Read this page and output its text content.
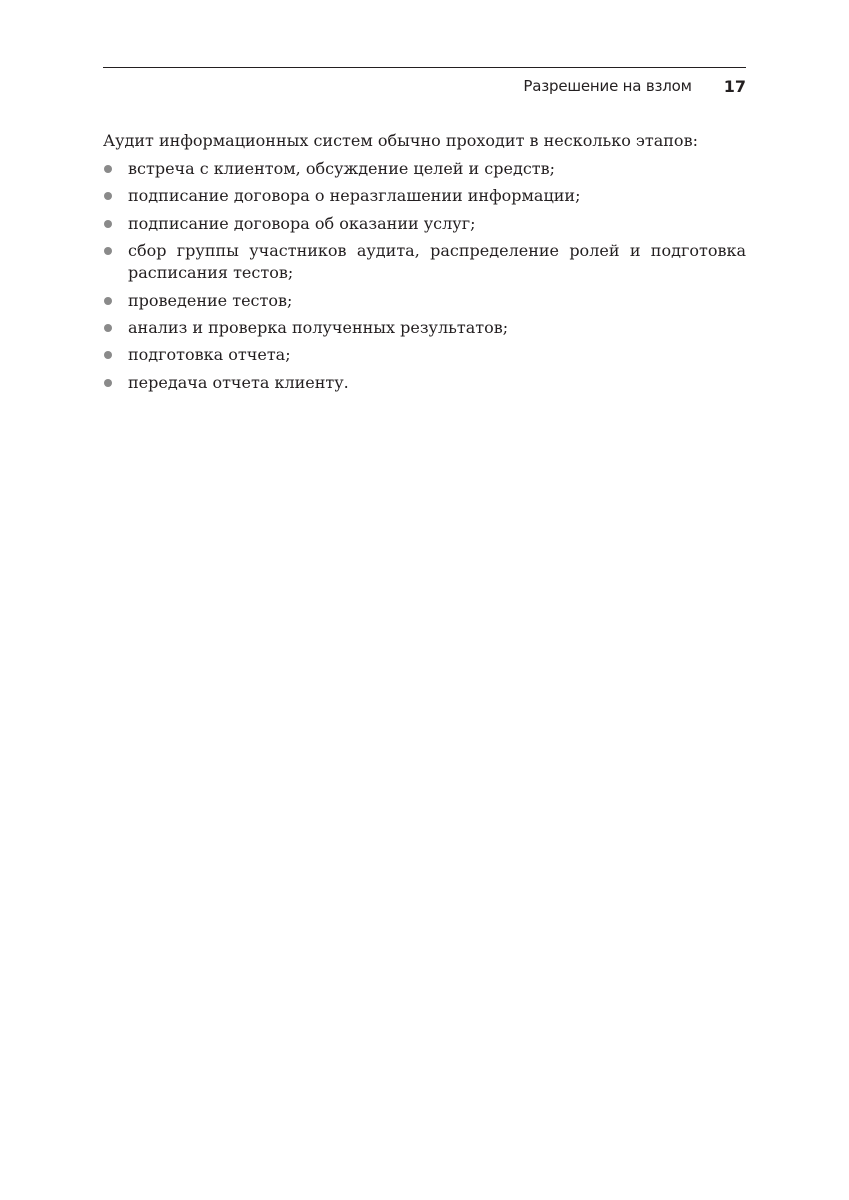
Разрешение на взлом 17

Аудит информационных систем обычно проходит в несколько этапов:

встреча с клиентом, обсуждение целей и средств;
подписание договора о неразглашении информации;
подписание договора об оказании услуг;
сбор группы участников аудита, распределение ролей и подготовка расписания тестов;
проведение тестов;
анализ и проверка полученных результатов;
подготовка отчета;
передача отчета клиенту.
